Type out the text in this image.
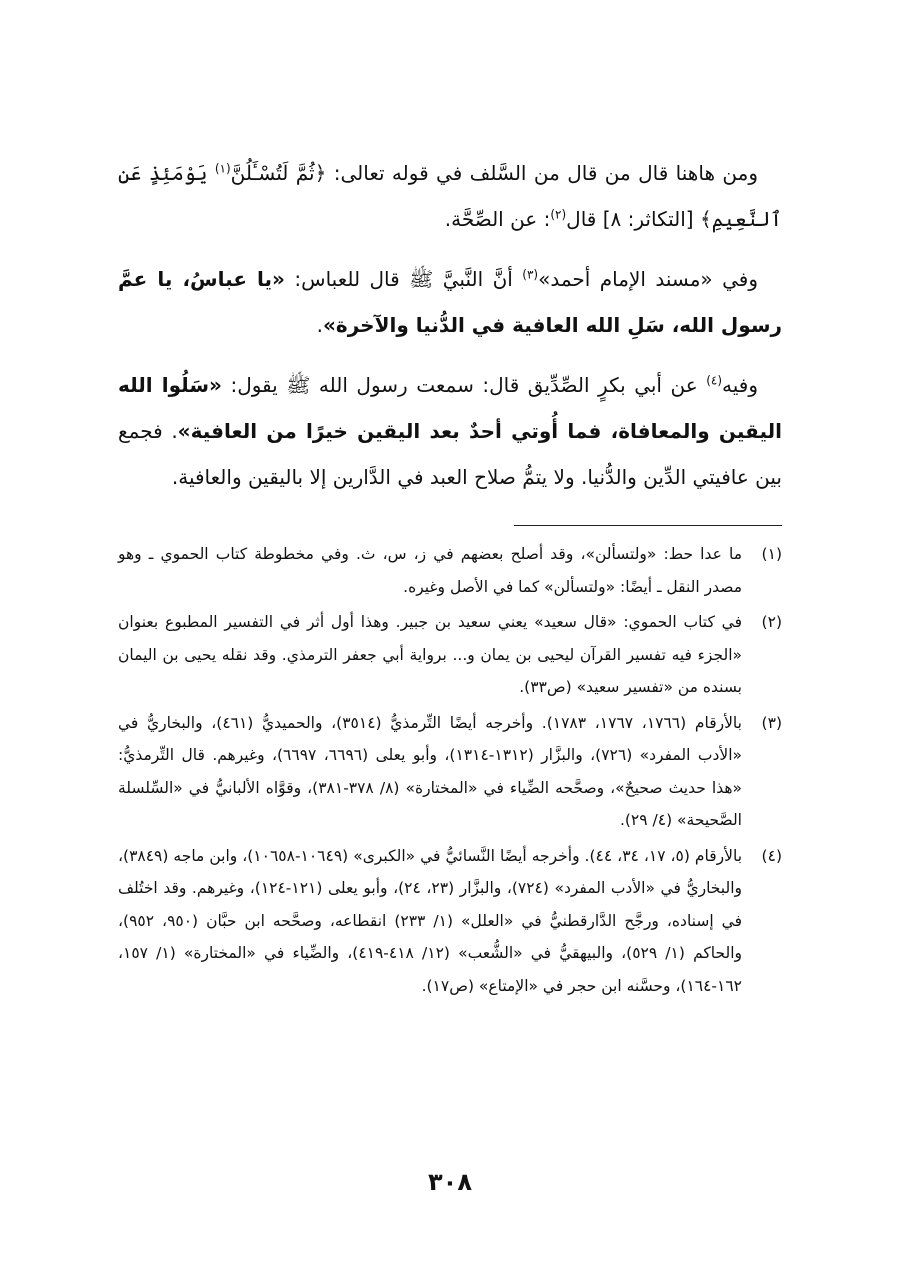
ومن هاهنا قال من قال من السَّلف في قوله تعالى: ﴿ثُمَّ لَتُسْـَٔلُنَّ$^{(١)}$ يَوْمَئِذٍ عَنِ ٱلنَّعِيمِ﴾ [التكاثر: ٨] قال$^{(٢)}$: عن الصِّحَّة.

وفي «مسند الإمام أحمد»$^{(٣)}$ أنَّ النَّبيَّ ﷺ قال للعباس: «يا عباسُ، يا عمَّ رسول الله، سَلِ الله العافية في الدُّنيا والآخرة».

وفيه$^{(٤)}$ عن أبي بكرٍ الصِّدِّيق قال: سمعت رسول الله ﷺ يقول: «سَلُوا الله اليقين والمعافاة، فما أُوتي أحدٌ بعد اليقين خيرًا من العافية». فجمع بين عافيتي الدِّين والدُّنيا. ولا يتمُّ صلاح العبد في الدَّارين إلا باليقين والعافية.

(١)
ما عدا حط: «ولتسألن»، وقد أصلح بعضهم في ز، س، ث. وفي مخطوطة كتاب الحموي ـ وهو مصدر النقل ـ أيضًا: «ولتسألن» كما في الأصل وغيره.
(٢)
في كتاب الحموي: «قال سعيد» يعني سعيد بن جبير. وهذا أول أثر في التفسير المطبوع بعنوان «الجزء فيه تفسير القرآن ليحيى بن يمان و... برواية أبي جعفر الترمذي. وقد نقله يحيى بن اليمان بسنده من «تفسير سعيد» (ص٣٣).
(٣)
بالأرقام (١٧٦٦، ١٧٦٧، ١٧٨٣). وأخرجه أيضًا التِّرمذيُّ (٣٥١٤)، والحميديُّ (٤٦١)، والبخاريُّ في «الأدب المفرد» (٧٢٦)، والبزَّار (١٣١٢-١٣١٤)، وأبو يعلى (٦٦٩٦، ٦٦٩٧)، وغيرهم. قال التِّرمذيُّ: «هذا حديث صحيحٌ»، وصحَّحه الضِّياء في «المختارة» (٨/ ٣٧٨-٣٨١)، وقوَّاه الألبانيُّ في «السِّلسلة الصَّحيحة» (٤/ ٢٩).
(٤)
بالأرقام (٥، ١٧، ٣٤، ٤٤). وأخرجه أيضًا النَّسائيُّ في «الكبرى» (١٠٦٤٩-١٠٦٥٨)، وابن ماجه (٣٨٤٩)، والبخاريُّ في «الأدب المفرد» (٧٢٤)، والبزَّار (٢٣، ٢٤)، وأبو يعلى (١٢١-١٢٤)، وغيرهم. وقد اختُلف في إسناده، ورجَّح الدَّارقطنيُّ في «العلل» (١/ ٢٣٣) انقطاعه، وصحَّحه ابن حبَّان (٩٥٠، ٩٥٢)، والحاكم (١/ ٥٢٩)، والبيهقيُّ في «الشُّعب» (١٢/ ٤١٨-٤١٩)، والضِّياء في «المختارة» (١/ ١٥٧، ١٦٢-١٦٤)، وحسَّنه ابن حجر في «الإمتاع» (ص١٧).
٣٠٨
